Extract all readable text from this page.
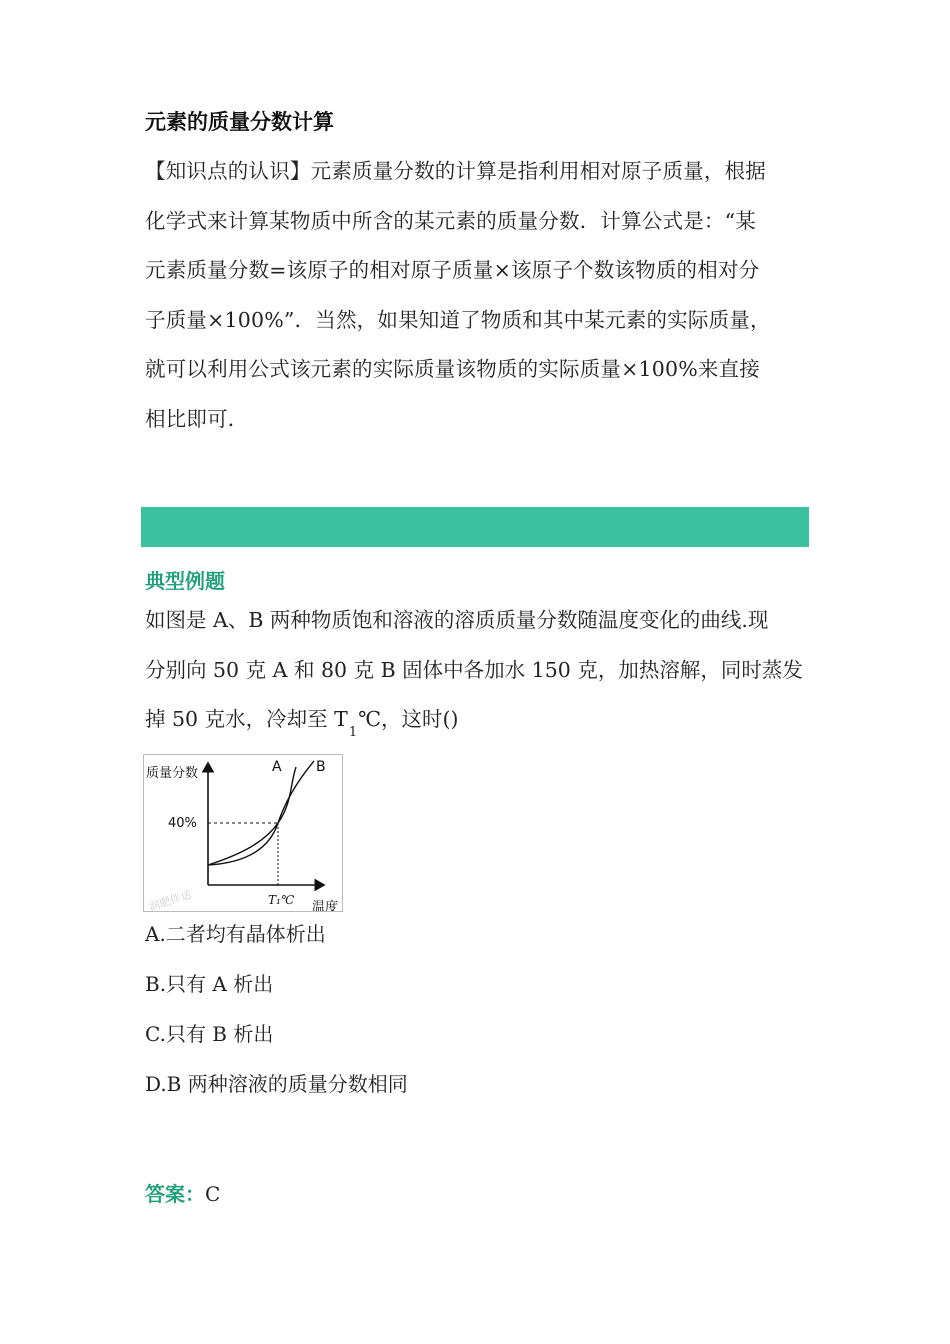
元素的质量分数计算
【知识点的认识】元素质量分数的计算是指利用相对原子质量，根据
化学式来计算某物质中所含的某元素的质量分数．计算公式是：“某
元素质量分数=该原子的相对原子质量×该原子个数该物质的相对分
子质量×100%”．当然，如果知道了物质和其中某元素的实际质量，
就可以利用公式该元素的实际质量该物质的实际质量×100%来直接
相比即可．
典型例题
如图是 A、B 两种物质饱和溶液的溶质质量分数随温度变化的曲线.现
分别向 50 克 A 和 80 克 B 固体中各加水 150 克，加热溶解，同时蒸发
掉 50 克水，冷却至 $T_1℃$，这时()
质量分数
40%
T₁℃ 温度
A B
润肥伴送
A.二者均有晶体析出
B.只有 A 析出
C.只有 B 析出
D.B 两种溶液的质量分数相同
答案：C
